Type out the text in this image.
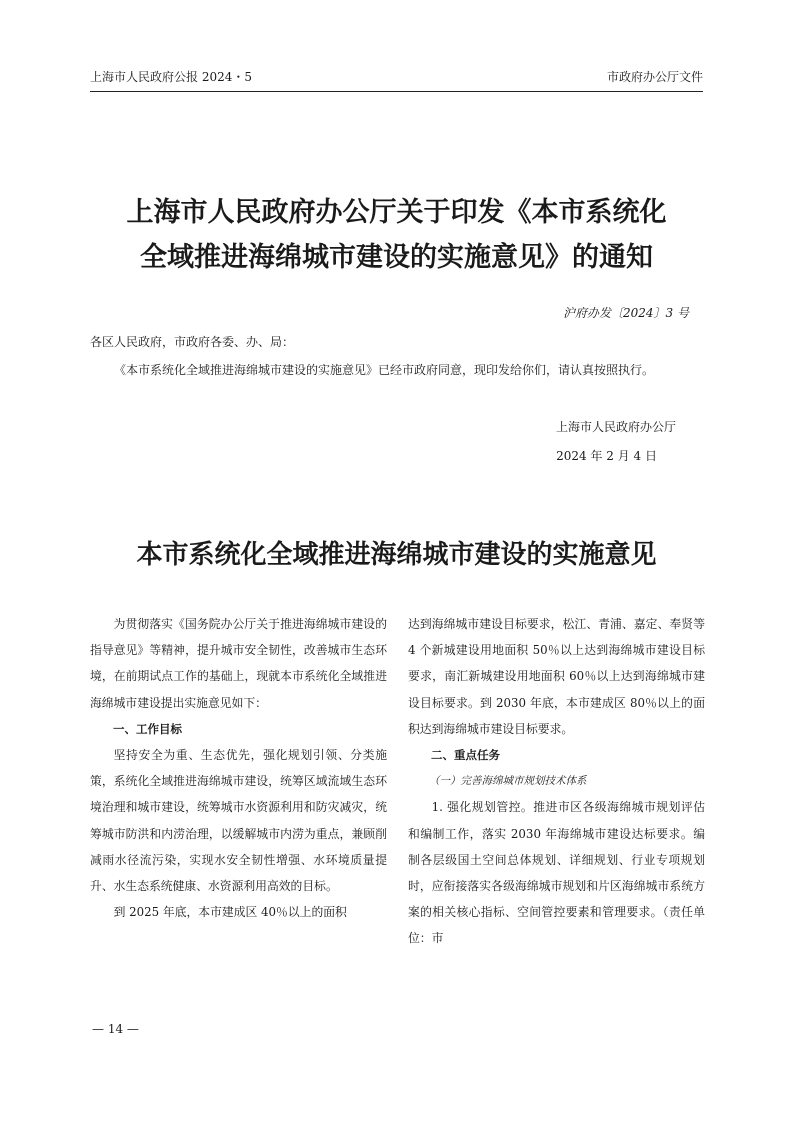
上海市人民政府公报 2024・5	市政府办公厅文件
上海市人民政府办公厅关于印发《本市系统化
全域推进海绵城市建设的实施意见》的通知
沪府办发〔2024〕3 号
各区人民政府，市政府各委、办、局：
《本市系统化全域推进海绵城市建设的实施意见》已经市政府同意，现印发给你们，请认真按照执行。
上海市人民政府办公厅
2024 年 2 月 4 日
本市系统化全域推进海绵城市建设的实施意见

为贯彻落实《国务院办公厅关于推进海绵城市建设的指导意见》等精神，提升城市安全韧性，改善城市生态环境，在前期试点工作的基础上，现就本市系统化全域推进海绵城市建设提出实施意见如下：

一、工作目标

坚持安全为重、生态优先，强化规划引领、分类施策，系统化全域推进海绵城市建设，统筹区域流域生态环境治理和城市建设，统筹城市水资源利用和防灾减灾，统筹城市防洪和内涝治理，以缓解城市内涝为重点，兼顾削减雨水径流污染，实现水安全韧性增强、水环境质量提升、水生态系统健康、水资源利用高效的目标。

到 2025 年底，本市建成区 40％以上的面积

达到海绵城市建设目标要求，松江、青浦、嘉定、奉贤等 4 个新城建设用地面积 50％以上达到海绵城市建设目标要求，南汇新城建设用地面积 60％以上达到海绵城市建设目标要求。到 2030 年底，本市建成区 80％以上的面积达到海绵城市建设目标要求。

二、重点任务
（一）完善海绵城市规划技术体系

1. 强化规划管控。推进市区各级海绵城市规划评估和编制工作，落实 2030 年海绵城市建设达标要求。编制各层级国土空间总体规划、详细规划、行业专项规划时，应衔接落实各级海绵城市规划和片区海绵城市系统方案的相关核心指标、空间管控要素和管理要求。（责任单位：市

— 14 —
